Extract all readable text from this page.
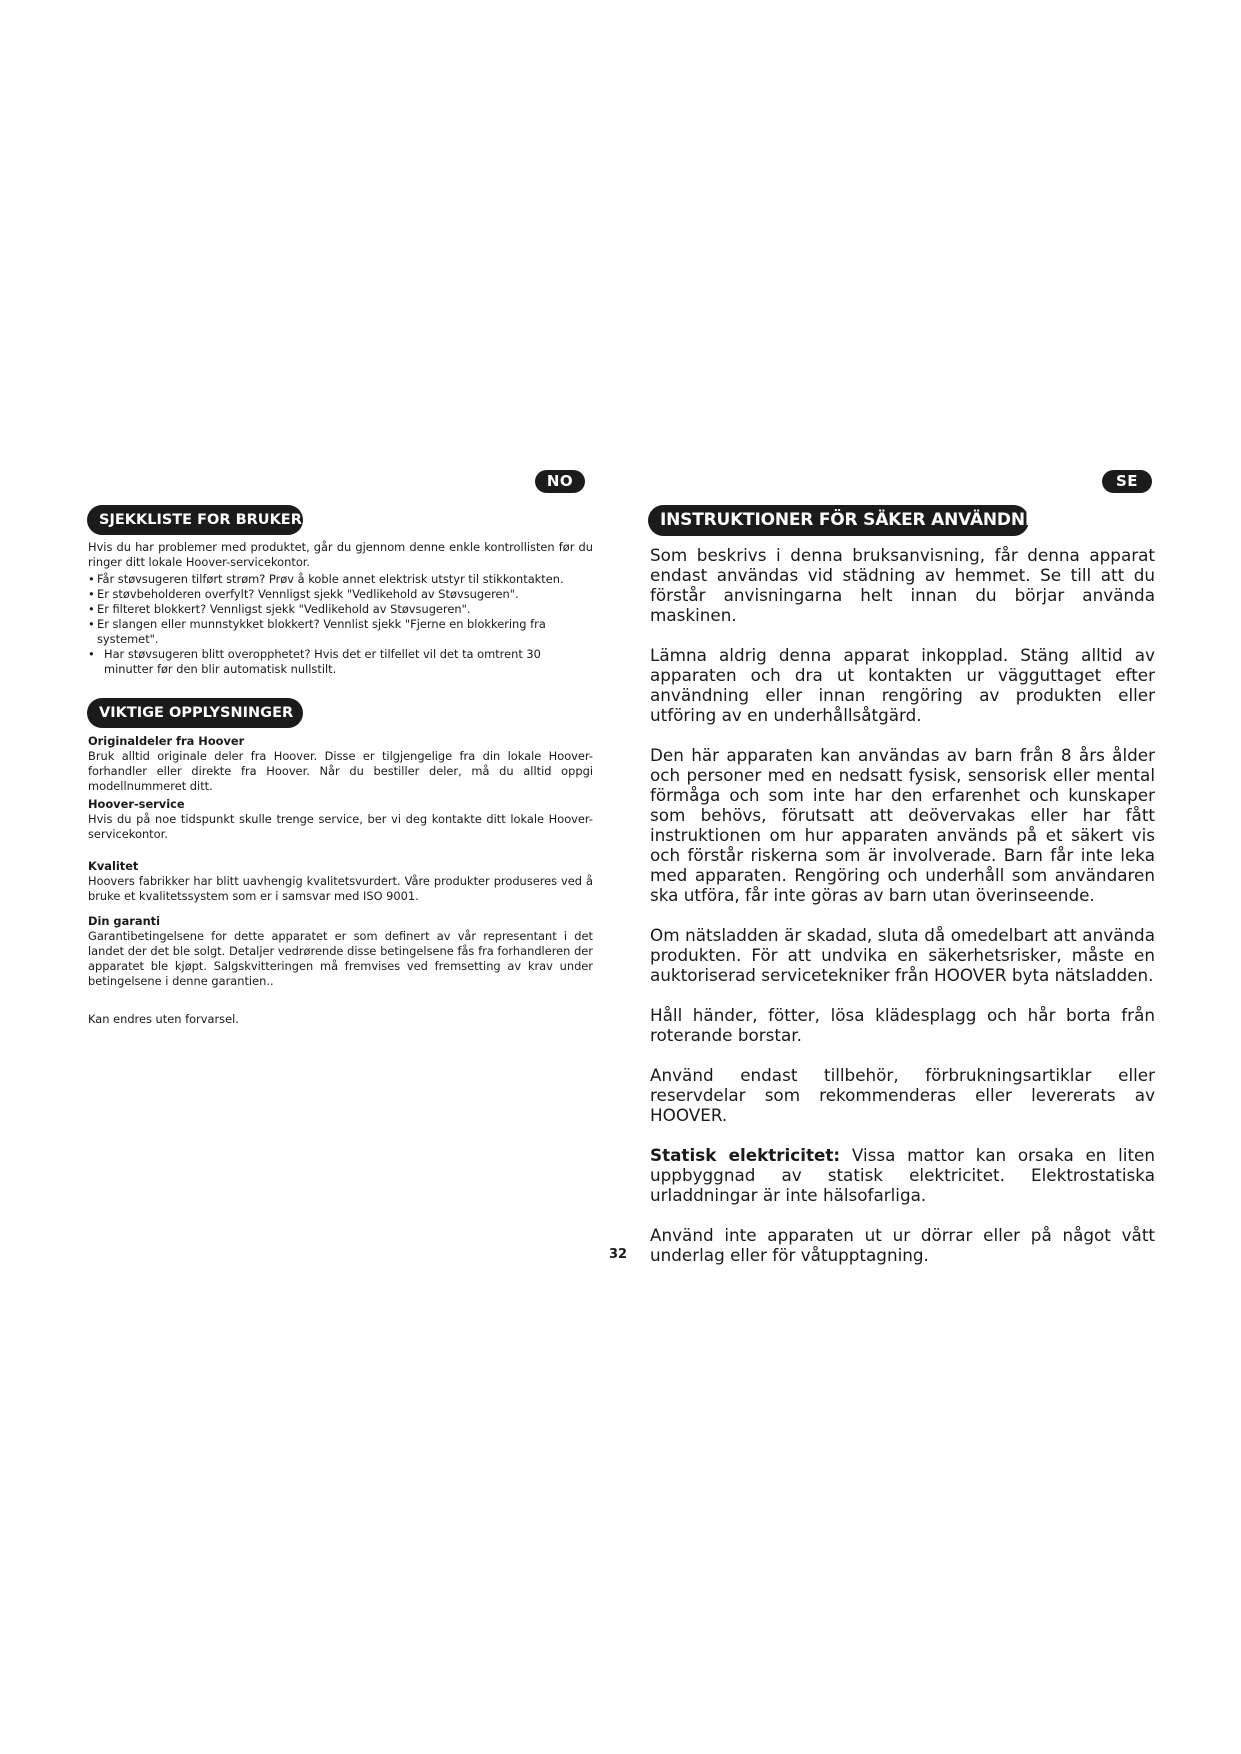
NO	SE
SJEKKLISTE FOR BRUKER

Hvis du har problemer med produktet, går du gjennom denne enkle kontrollisten før du ringer ditt lokale Hoover-servicekontor.

• Får støvsugeren tilført strøm? Prøv å koble annet elektrisk utstyr til stikkontakten.
• Er støvbeholderen overfylt? Vennligst sjekk "Vedlikehold av Støvsugeren".
• Er filteret blokkert? Vennligst sjekk "Vedlikehold av Støvsugeren".
• Er slangen eller munnstykket blokkert? Vennlist sjekk "Fjerne en blokkering fra systemet".
• Har støvsugeren blitt overopphetet? Hvis det er tilfellet vil det ta omtrent 30 minutter før den blir automatisk nullstilt.
VIKTIGE OPPLYSNINGER

Originaldeler fra Hoover

Bruk alltid originale deler fra Hoover. Disse er tilgjengelige fra din lokale Hoover-forhandler eller direkte fra Hoover. Når du bestiller deler, må du alltid oppgi modellnummeret ditt.

Hoover-service

Hvis du på noe tidspunkt skulle trenge service, ber vi deg kontakte ditt lokale Hoover-servicekontor.

Kvalitet

Hoovers fabrikker har blitt uavhengig kvalitetsvurdert. Våre produkter produseres ved å bruke et kvalitetssystem som er i samsvar med ISO 9001.

Din garanti

Garantibetingelsene for dette apparatet er som definert av vår representant i det landet der det ble solgt. Detaljer vedrørende disse betingelsene fås fra forhandleren der apparatet ble kjøpt. Salgskvitteringen må fremvises ved fremsetting av krav under betingelsene i denne garantien..

Kan endres uten forvarsel.

INSTRUKTIONER FÖR SÄKER ANVÄNDNING

Som beskrivs i denna bruksanvisning, får denna apparat endast användas vid städning av hemmet. Se till att du förstår anvisningarna helt innan du börjar använda maskinen.

Lämna aldrig denna apparat inkopplad. Stäng alltid av apparaten och dra ut kontakten ur vägguttaget efter användning eller innan rengöring av produkten eller utföring av en underhållsåtgärd.

Den här apparaten kan användas av barn från 8 års ålder och personer med en nedsatt fysisk, sensorisk eller mental förmåga och som inte har den erfarenhet och kunskaper som behövs, förutsatt att deövervakas eller har fått instruktionen om hur apparaten används på et säkert vis och förstår riskerna som är involverade. Barn får inte leka med apparaten. Rengöring och underhåll som användaren ska utföra, får inte göras av barn utan överinseende.

Om nätsladden är skadad, sluta då omedelbart att använda produkten. För att undvika en säkerhetsrisker, måste en auktoriserad servicetekniker från HOOVER byta nätsladden.

Håll händer, fötter, lösa klädesplagg och hår borta från roterande borstar.

Använd endast tillbehör, förbrukningsartiklar eller reservdelar som rekommenderas eller levererats av HOOVER.

Statisk elektricitet: Vissa mattor kan orsaka en liten uppbyggnad av statisk elektricitet. Elektrostatiska urladdningar är inte hälsofarliga.

Använd inte apparaten ut ur dörrar eller på något vått underlag eller för våtupptagning.

32
